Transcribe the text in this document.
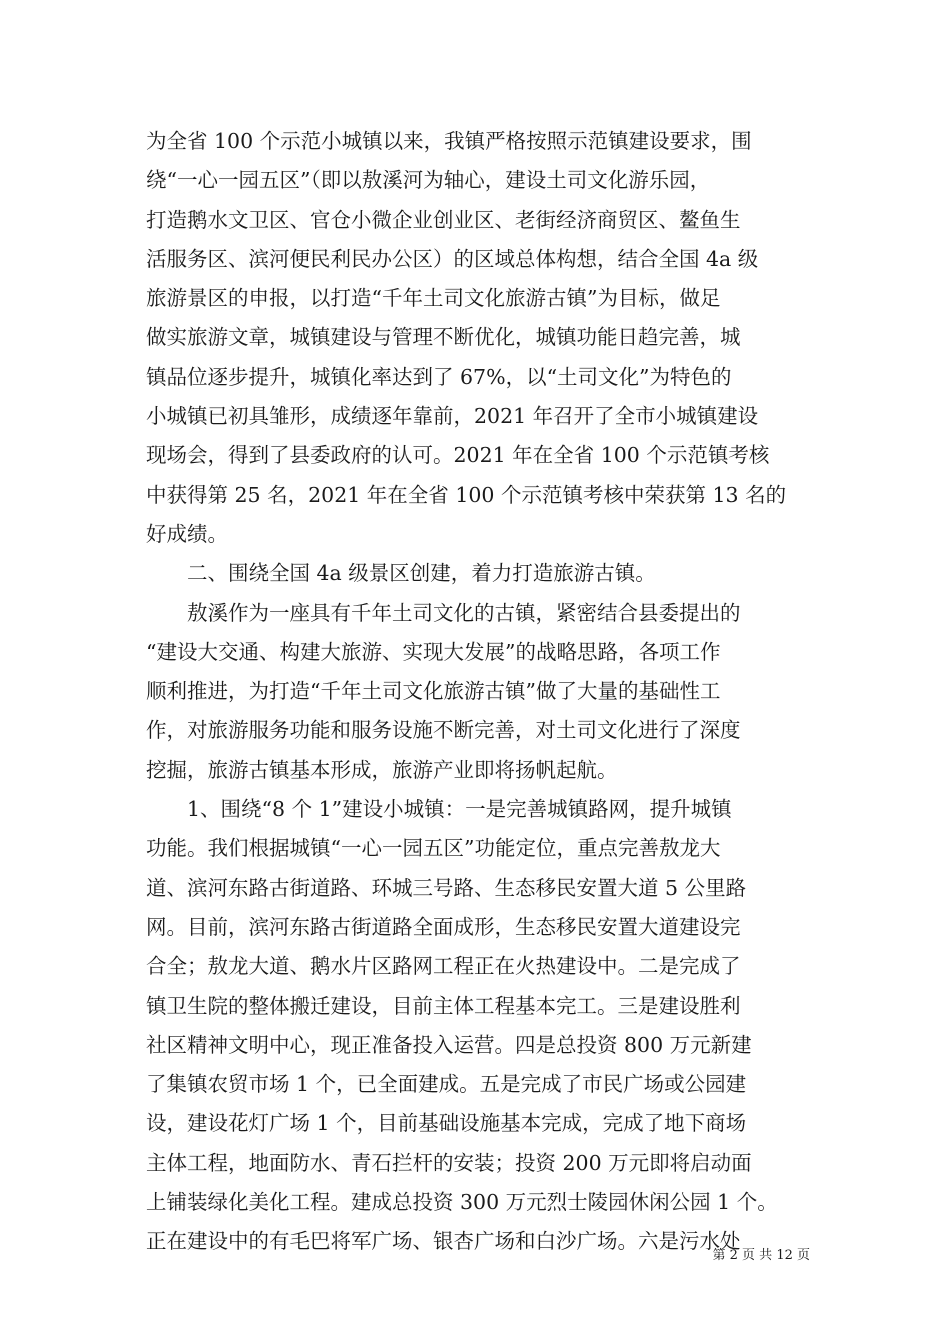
为全省 100 个示范小城镇以来，我镇严格按照示范镇建设要求，围
绕“一心一园五区”（即以敖溪河为轴心，建设土司文化游乐园，
打造鹅水文卫区、官仓小微企业创业区、老街经济商贸区、鳌鱼生
活服务区、滨河便民利民办公区）的区域总体构想，结合全国 4a 级
旅游景区的申报，以打造“千年土司文化旅游古镇”为目标，做足
做实旅游文章，城镇建设与管理不断优化，城镇功能日趋完善，城
镇品位逐步提升，城镇化率达到了 67%，以“土司文化”为特色的
小城镇已初具雏形，成绩逐年靠前，2021 年召开了全市小城镇建设
现场会，得到了县委政府的认可。2021 年在全省 100 个示范镇考核
中获得第 25 名，2021 年在全省 100 个示范镇考核中荣获第 13 名的
好成绩。
二、围绕全国 4a 级景区创建，着力打造旅游古镇。
敖溪作为一座具有千年土司文化的古镇，紧密结合县委提出的
“建设大交通、构建大旅游、实现大发展”的战略思路，各项工作
顺利推进，为打造“千年土司文化旅游古镇”做了大量的基础性工
作，对旅游服务功能和服务设施不断完善，对土司文化进行了深度
挖掘，旅游古镇基本形成，旅游产业即将扬帆起航。
1、围绕“8 个 1”建设小城镇：一是完善城镇路网，提升城镇
功能。我们根据城镇“一心一园五区”功能定位，重点完善敖龙大
道、滨河东路古街道路、环城三号路、生态移民安置大道 5 公里路
网。目前，滨河东路古街道路全面成形，生态移民安置大道建设完
合全；敖龙大道、鹅水片区路网工程正在火热建设中。二是完成了
镇卫生院的整体搬迁建设，目前主体工程基本完工。三是建设胜利
社区精神文明中心，现正准备投入运营。四是总投资 800 万元新建
了集镇农贸市场 1 个，已全面建成。五是完成了市民广场或公园建
设，建设花灯广场 1 个，目前基础设施基本完成，完成了地下商场
主体工程，地面防水、青石拦杆的安装；投资 200 万元即将启动面
上铺装绿化美化工程。建成总投资 300 万元烈士陵园休闲公园 1 个。
正在建设中的有毛巴将军广场、银杏广场和白沙广场。六是污水处
第 2 页 共 12 页
